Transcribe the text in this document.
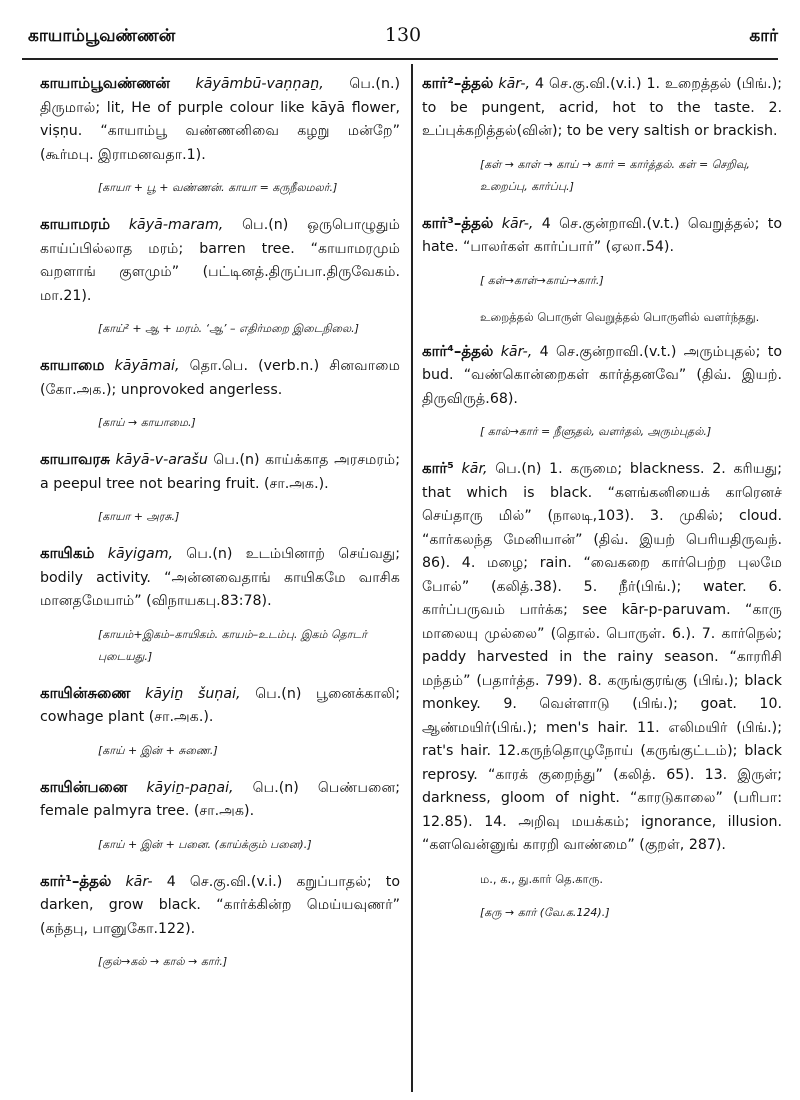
காயாம்பூவண்ணன்	130	கார்

காயாம்பூவண்ணன் kāyāmbū-vaṇṇaṉ, பெ.(n.) திருமால்; lit, He of purple colour like kāyā flower, viṣṇu. “காயாம்பூ வண்ணனிவை கழறு மன்றே” (கூர்மபு. இராமனவதா.1).

[காயா + பூ + வண்ணன். காயா = கருநீலமலர்.]

காயாமரம் kāyā-maram, பெ.(n) ஒருபொழுதும் காய்ப்பில்லாத மரம்; barren tree. “காயாமரமும் வறளாங் குளமும்” (பட்டினத்.திருப்பா.திருவேகம். மா.21).

[காய்² + ஆ + மரம். ‘ஆ’ – எதிர்மறை இடைநிலை.]

காயாமை kāyāmai, தொ.பெ. (verb.n.) சினவாமை (கோ.அக.); unprovoked angerless.

[காய் → காயாமை.]

காயாவரசு kāyā-v-arašu பெ.(n) காய்க்காத அரசமரம்; a peepul tree not bearing fruit. (சா.அக.).

[காயா + அரசு.]

காயிகம் kāyigam, பெ.(n) உடம்பினாற் செய்வது; bodily activity. “அன்னவைதாங் காயிகமே வாசிக மானதமேயாம்” (விநாயகபு.83:78).

[காயம்+இகம்–காயிகம். காயம்–உடம்பு. இகம் தொடர் புடையது.]

காயின்சுணை kāyiṉ šuṇai, பெ.(n) பூனைக்காலி; cowhage plant (சா.அக.).

[காய் + இன் + சுணை.]

காயின்பனை kāyiṉ-paṉai, பெ.(n) பெண்பனை; female palmyra tree. (சா.அக).

[காய் + இன் + பனை. (காய்க்கும் பனை).]

கார்¹–த்தல் kār- 4 செ.கு.வி.(v.i.) கறுப்பாதல்; to darken, grow black. “கார்க்கின்ற மெய்யவுணர்” (கந்தபு, பானுகோ.122).

[குல்→கல் → கால் → கார்.]

கார்²–த்தல் kār-, 4 செ.கு.வி.(v.i.) 1. உறைத்தல் (பிங்.); to be pungent, acrid, hot to the taste. 2. உப்புக்கறித்தல்(வின்); to be very saltish or brackish.

[கள் → காள் → காய் → கார் = கார்த்தல். கள் = செறிவு, உறைப்பு, கார்ப்பு.]

கார்³–த்தல் kār-, 4 செ.குன்றாவி.(v.t.) வெறுத்தல்; to hate. “பாலர்கள் கார்ப்பார்” (ஏலா.54).

[ கள்→காள்→காய்→கார்.]

உறைத்தல் பொருள் வெறுத்தல் பொருளில் வளர்ந்தது.

கார்⁴–த்தல் kār-, 4 செ.குன்றாவி.(v.t.) அரும்புதல்; to bud. “வண்கொன்றைகள் கார்த்தனவே” (திவ். இயற். திருவிருத்.68).

[ கால்→கார் = நீளுதல், வளர்தல், அரும்புதல்.]

கார்⁵ kār, பெ.(n) 1. கருமை; blackness. 2. கரியது; that which is black. “களங்கனியைக் காரெனச் செய்தாரு மில்” (நாலடி,103). 3. முகில்; cloud. “கார்கலந்த மேனியான்” (திவ். இயற் பெரியதிருவந். 86). 4. மழை; rain. “வைகறை கார்பெற்ற புலமே போல்” (கலித்.38). 5. நீர்(பிங்.); water. 6. கார்ப்பருவம் பார்க்க; see kār-p-paruvam. “காரு மாலையு முல்லை” (தொல். பொருள். 6.). 7. கார்நெல்; paddy harvested in the rainy season. “காரரிசி மந்தம்” (பதார்த்த. 799). 8. கருங்குரங்கு (பிங்.); black monkey. 9. வெள்ளாடு (பிங்.); goat. 10. ஆண்மயிர்(பிங்.); men's hair. 11. எலிமயிர் (பிங்.); rat's hair. 12.கருந்தொழுநோய் (கருங்குட்டம்); black reprosy. “காரக் குறைந்து” (கலித். 65). 13. இருள்; darkness, gloom of night. “காரடுகாலை” (பரிபா: 12.85). 14. அறிவு மயக்கம்; ignorance, illusion. “களவென்னுங் காரறி வாண்மை” (குறள், 287).

ம., க., து.கார் தெ.காரு.

[கரு → கார் (வே.க.124).]
